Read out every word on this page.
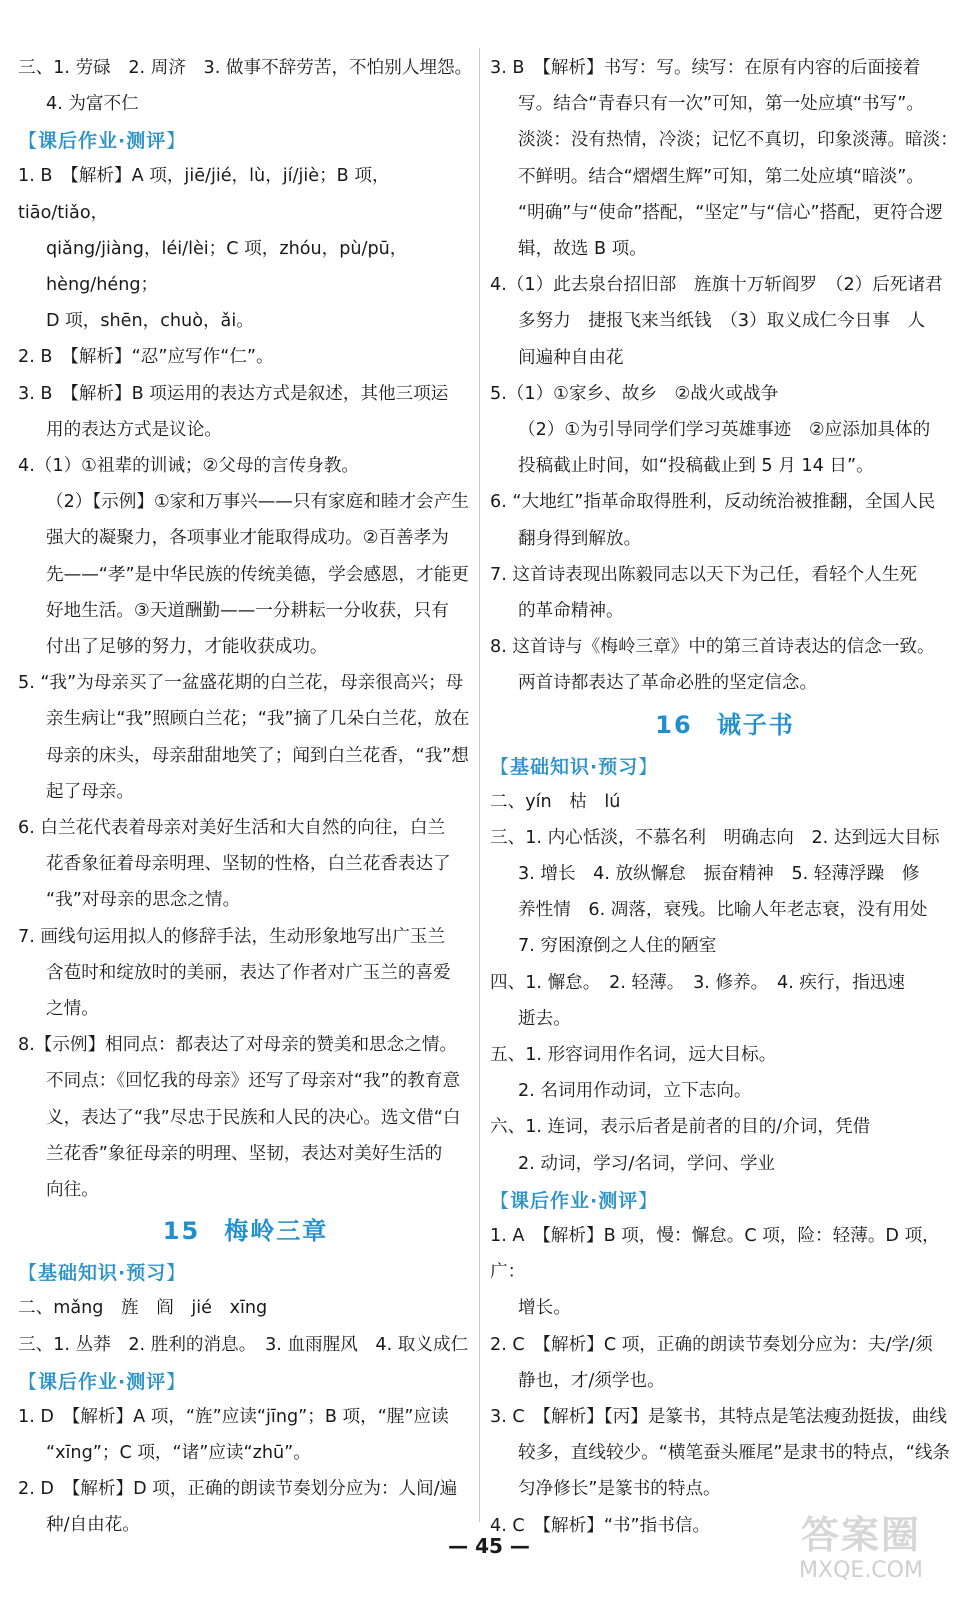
三、1. 劳碌　2. 周济　3. 做事不辞劳苦，不怕别人埋怨。
4. 为富不仁
【课后作业·测评】
1. B　【解析】A 项，jiē/jié，lù，jí/jiè；B 项，tiāo/tiǎo，
qiǎng/jiàng，léi/lèi；C 项，zhóu，pù/pū，hèng/héng；
D 项，shēn，chuò，ǎi。
2. B　【解析】“忍”应写作“仁”。
3. B　【解析】B 项运用的表达方式是叙述，其他三项运
用的表达方式是议论。
4.（1）①祖辈的训诫；②父母的言传身教。
（2）【示例】①家和万事兴——只有家庭和睦才会产生
强大的凝聚力，各项事业才能取得成功。②百善孝为
先——“孝”是中华民族的传统美德，学会感恩，才能更
好地生活。③天道酬勤——一分耕耘一分收获，只有
付出了足够的努力，才能收获成功。
5. “我”为母亲买了一盆盛花期的白兰花，母亲很高兴；母
亲生病让“我”照顾白兰花；“我”摘了几朵白兰花，放在
母亲的床头，母亲甜甜地笑了；闻到白兰花香，“我”想
起了母亲。
6. 白兰花代表着母亲对美好生活和大自然的向往，白兰
花香象征着母亲明理、坚韧的性格，白兰花香表达了
“我”对母亲的思念之情。
7. 画线句运用拟人的修辞手法，生动形象地写出广玉兰
含苞时和绽放时的美丽，表达了作者对广玉兰的喜爱
之情。
8.【示例】相同点：都表达了对母亲的赞美和思念之情。
不同点：《回忆我的母亲》还写了母亲对“我”的教育意
义，表达了“我”尽忠于民族和人民的决心。选文借“白
兰花香”象征母亲的明理、坚韧，表达对美好生活的
向往。
15 梅岭三章
【基础知识·预习】
二、mǎng　旌　阎　jié　xīng
三、1. 丛莽　2. 胜利的消息。　3. 血雨腥风　4. 取义成仁
【课后作业·测评】
1. D　【解析】A 项，“旌”应读“jīng”；B 项，“腥”应读
“xīng”；C 项，“诸”应读“zhū”。
2. D　【解析】D 项，正确的朗读节奏划分应为：人间/遍
种/自由花。
3. B　【解析】书写：写。续写：在原有内容的后面接着
写。结合“青春只有一次”可知，第一处应填“书写”。
淡淡：没有热情，冷淡；记忆不真切，印象淡薄。暗淡：
不鲜明。结合“熠熠生辉”可知，第二处应填“暗淡”。
“明确”与“使命”搭配，“坚定”与“信心”搭配，更符合逻
辑，故选 B 项。
4.（1）此去泉台招旧部　旌旗十万斩阎罗　（2）后死诸君
多努力　捷报飞来当纸钱　（3）取义成仁今日事　人
间遍种自由花
5.（1）①家乡、故乡　②战火或战争
（2）①为引导同学们学习英雄事迹　②应添加具体的
投稿截止时间，如“投稿截止到 5 月 14 日”。
6. “大地红”指革命取得胜利，反动统治被推翻，全国人民
翻身得到解放。
7. 这首诗表现出陈毅同志以天下为己任，看轻个人生死
的革命精神。
8. 这首诗与《梅岭三章》中的第三首诗表达的信念一致。
两首诗都表达了革命必胜的坚定信念。
16 诫子书
【基础知识·预习】
二、yín　枯　lú
三、1. 内心恬淡，不慕名利　明确志向　2. 达到远大目标
3. 增长　4. 放纵懈怠　振奋精神　5. 轻薄浮躁　修
养性情　6. 凋落，衰残。比喻人年老志衰，没有用处
7. 穷困潦倒之人住的陋室
四、1. 懈怠。　2. 轻薄。　3. 修养。　4. 疾行，指迅速
逝去。
五、1. 形容词用作名词，远大目标。
2. 名词用作动词，立下志向。
六、1. 连词，表示后者是前者的目的/介词，凭借
2. 动词，学习/名词，学问、学业
【课后作业·测评】
1. A　【解析】B 项，慢：懈怠。C 项，险：轻薄。D 项，广：
增长。
2. C　【解析】C 项，正确的朗读节奏划分应为：夫/学/须
静也，才/须学也。
3. C　【解析】【丙】是篆书，其特点是笔法瘦劲挺拔，曲线
较多，直线较少。“横笔蚕头雁尾”是隶书的特点，“线条
匀净修长”是篆书的特点。
4. C　【解析】“书”指书信。
— 45 —	答案圈
MXQE.COM
